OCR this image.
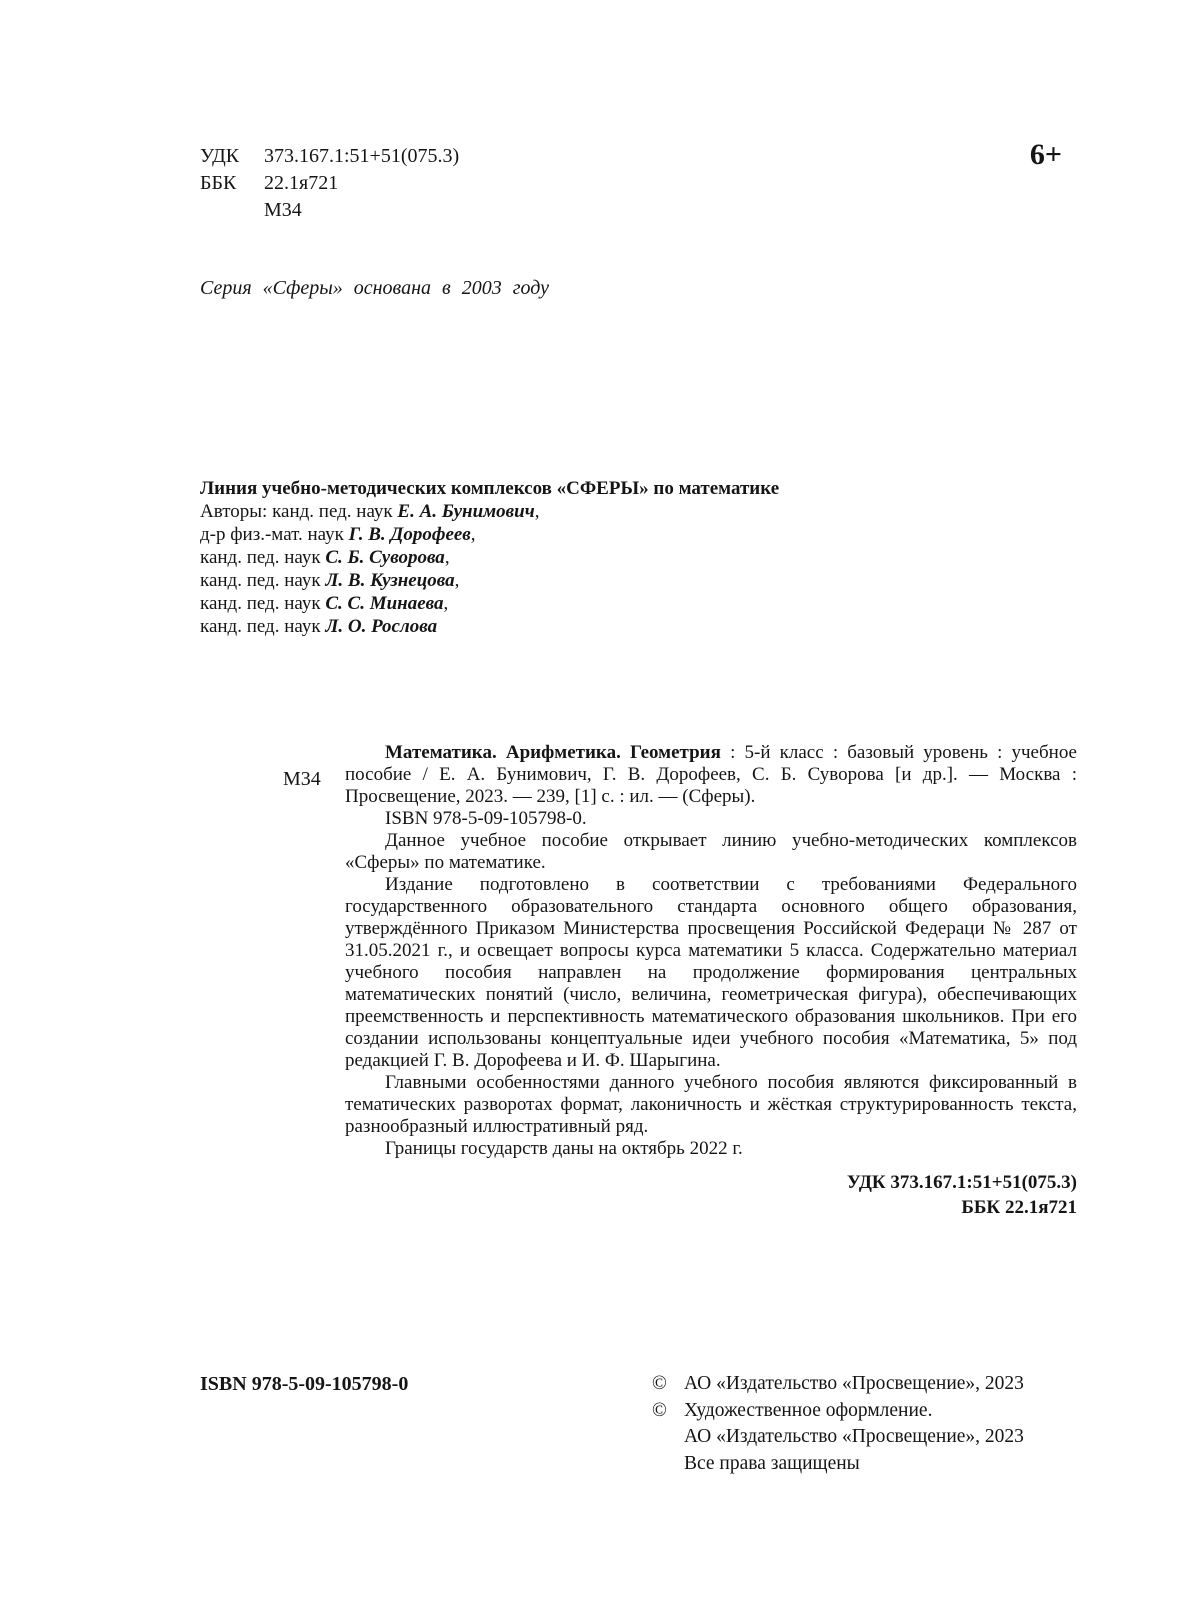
УДК	373.167.1:51+51(075.3)
ББК	22.1я721
М34
6+
Серия «Сферы» основана в 2003 году
Линия учебно-методических комплексов «СФЕРЫ» по математике
Авторы: канд. пед. наук Е. А. Бунимович,
д-р физ.-мат. наук Г. В. Дорофеев,
канд. пед. наук С. Б. Суворова,
канд. пед. наук Л. В. Кузнецова,
канд. пед. наук С. С. Минаева,
канд. пед. наук Л. О. Рослова
М34

Математика. Арифметика. Геометрия : 5-й класс : базовый уровень : учебное пособие / Е. А. Бунимович, Г. В. Дорофеев, С. Б. Суворова [и др.]. — Москва : Просвещение, 2023. — 239, [1] с. : ил. — (Сферы).

ISBN 978-5-09-105798-0.

Данное учебное пособие открывает линию учебно-методических комплексов «Сферы» по математике.

Издание подготовлено в соответствии с требованиями Федерального государственного образовательного стандарта основного общего образования, утверждённого Приказом Министерства просвещения Российской Федераци № 287 от 31.05.2021 г., и освещает вопросы курса математики 5 класса. Содержательно материал учебного пособия направлен на продолжение формирования центральных математических понятий (число, величина, геометрическая фигура), обеспечивающих преемственность и перспективность математического образования школьников. При его создании использованы концептуальные идеи учебного пособия «Математика, 5» под редакцией Г. В. Дорофеева и И. Ф. Шарыгина.

Главными особенностями данного учебного пособия являются фиксированный в тематических разворотах формат, лаконичность и жёсткая структурированность текста, разнообразный иллюстративный ряд.

Границы государств даны на октябрь 2022 г.

УДК 373.167.1:51+51(075.3)
ББК 22.1я721
ISBN 978-5-09-105798-0	© АО «Издательство «Просвещение», 2023
© Художественное оформление.
АО «Издательство «Просвещение», 2023
Все права защищены
